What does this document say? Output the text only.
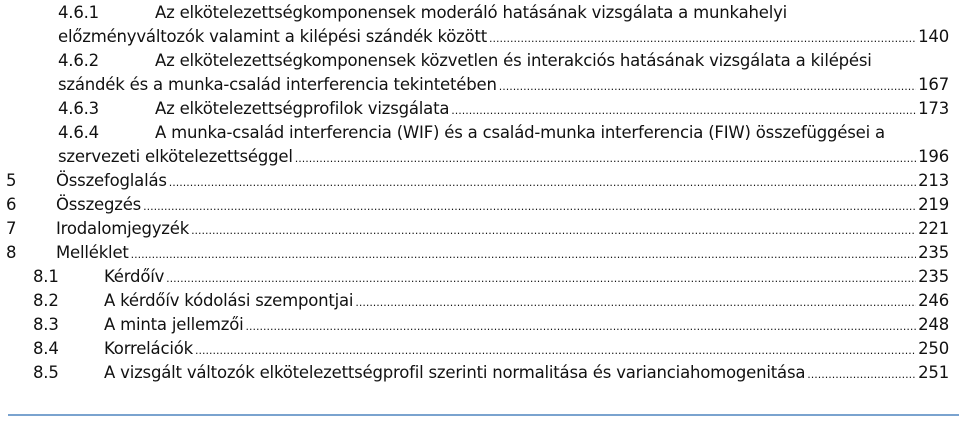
4.6.1	Az elkötelezettségkomponensek moderáló hatásának vizsgálata a munkahelyi
előzményváltozók valamint a kilépési szándék között .....	140
4.6.2	Az elkötelezettségkomponensek közvetlen és interakciós hatásának vizsgálata a kilépési
szándék és a munka-család interferencia tekintetében .....	167
4.6.3	Az elkötelezettségprofilok vizsgálata .....	173
4.6.4	A munka-család interferencia (WIF) és a család-munka interferencia (FIW) összefüggései a
szervezeti elkötelezettséggel .....	196
5 Összefoglalás .....	213
6 Összegzés .....	219
7 Irodalomjegyzék .....	221
8 Melléklet .....	235
8.1	Kérdőív .....	235
8.2	A kérdőív kódolási szempontjai .....	246
8.3	A minta jellemzői .....	248
8.4	Korrelációk .....	250
8.5	A vizsgált változók elkötelezettségprofil szerinti normalitása és varianciahomogenitása .....	251
